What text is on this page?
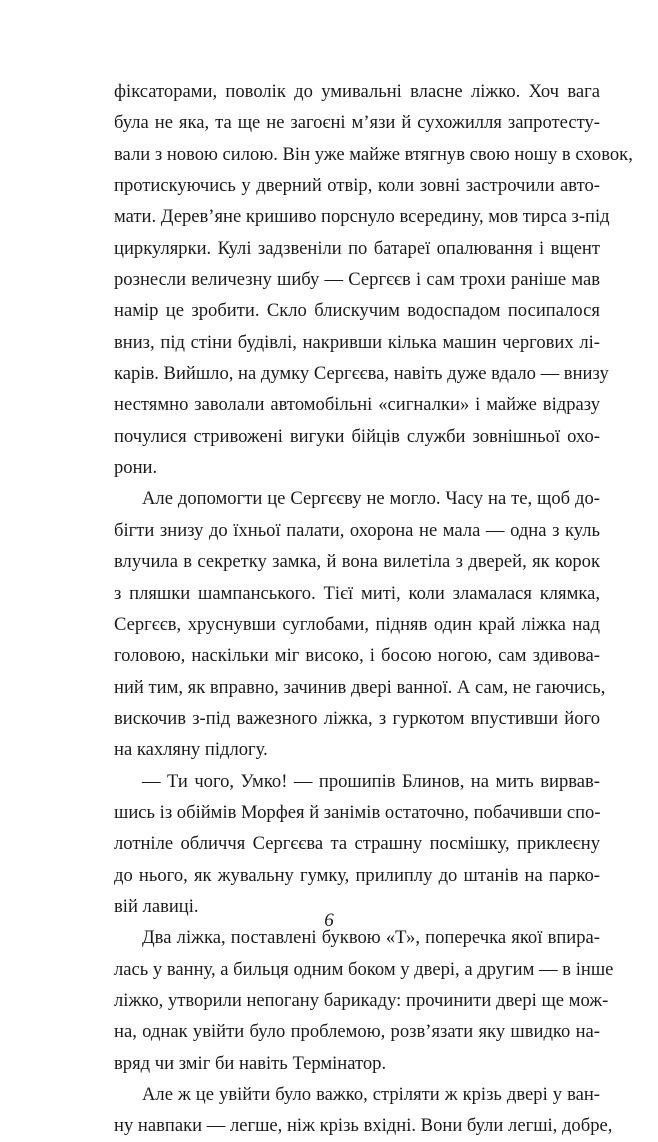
фіксаторами, поволік до умивальні власне ліжко. Хоч вага
була не яка, та ще не загоєні м’язи й сухожилля запротесту-
вали з новою силою. Він уже майже втягнув свою ношу в сховок,
протискуючись у дверний отвір, коли зовні застрочили авто-
мати. Дерев’яне кришиво порснуло всередину, мов тирса з-під
циркулярки. Кулі задзвеніли по батареї опалювання і вщент
рознесли величезну шибу — Сергєєв і сам трохи раніше мав
намір це зробити. Скло блискучим водоспадом посипалося
вниз, під стіни будівлі, накривши кілька машин чергових лі-
карів. Вийшло, на думку Сергєєва, навіть дуже вдало — внизу
нестямно заволали автомобільні «сигналки» і майже відразу
почулися стривожені вигуки бійців служби зовнішньої охо-
рони.
Але допомогти це Сергєєву не могло. Часу на те, щоб до-
бігти знизу до їхньої палати, охорона не мала — одна з куль
влучила в секретку замка, й вона вилетіла з дверей, як корок
з пляшки шампанського. Тієї миті, коли зламалася клямка,
Сергєєв, хруснувши суглобами, підняв один край ліжка над
головою, наскільки міг високо, і босою ногою, сам здивова-
ний тим, як вправно, зачинив двері ванної. А сам, не гаючись,
вискочив з-під важезного ліжка, з гуркотом впустивши його
на кахляну підлогу.
— Ти чого, Умко! — прошипів Блинов, на мить вирвав-
шись із обіймів Морфея й занімів остаточно, побачивши спо-
лотніле обличчя Сергєєва та страшну посмішку, приклеєну
до нього, як жувальну гумку, прилиплу до штанів на парко-
вій лавиці.
Два ліжка, поставлені буквою «Т», поперечка якої впира-
лась у ванну, а бильця одним боком у двері, а другим — в інше
ліжко, утворили непогану барикаду: прочинити двері ще мож-
на, однак увійти було проблемою, розв’язати яку швидко на-
вряд чи зміг би навіть Термінатор.
Але ж це увійти було важко, стріляти ж крізь двері у ван-
ну навпаки — легше, ніж крізь вхідні. Вони були легші, добре,
6
